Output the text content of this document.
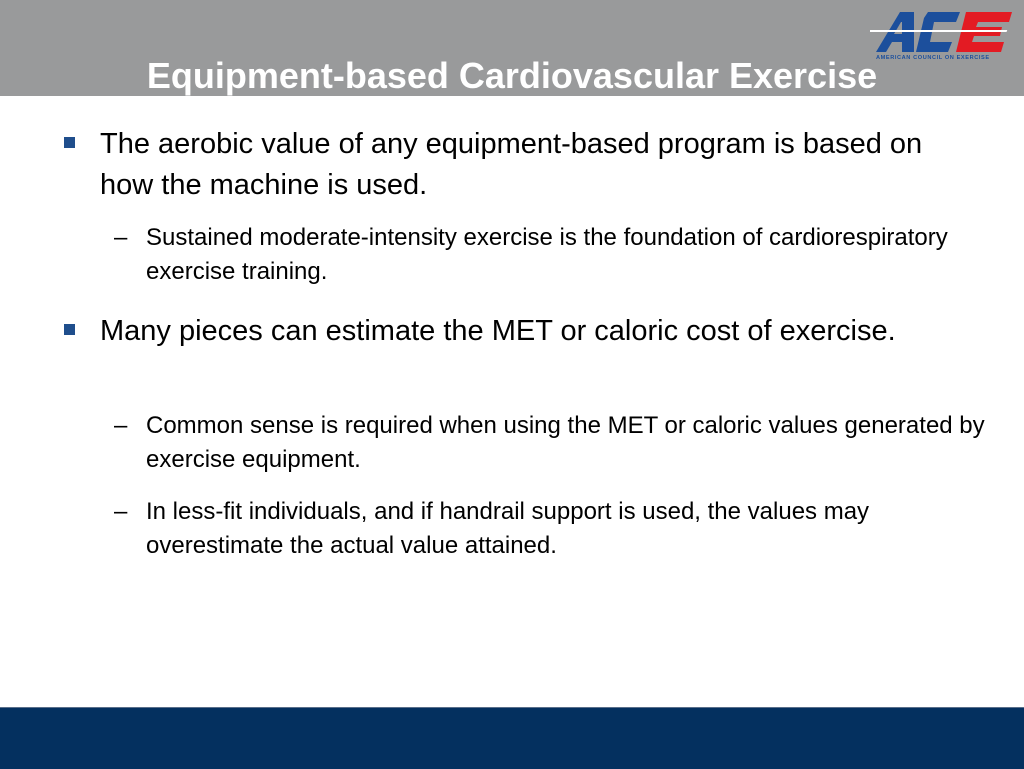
AMERICAN COUNCIL ON EXERCISE
Equipment-based Cardiovascular Exercise
The aerobic value of any equipment-based program is based on how the machine is used.
– Sustained moderate-intensity exercise is the foundation of cardiorespiratory exercise training.
Many pieces can estimate the MET or caloric cost of exercise.
– Common sense is required when using the MET or caloric values generated by exercise equipment.
– In less-fit individuals, and if handrail support is used, the values may overestimate the actual value attained.
